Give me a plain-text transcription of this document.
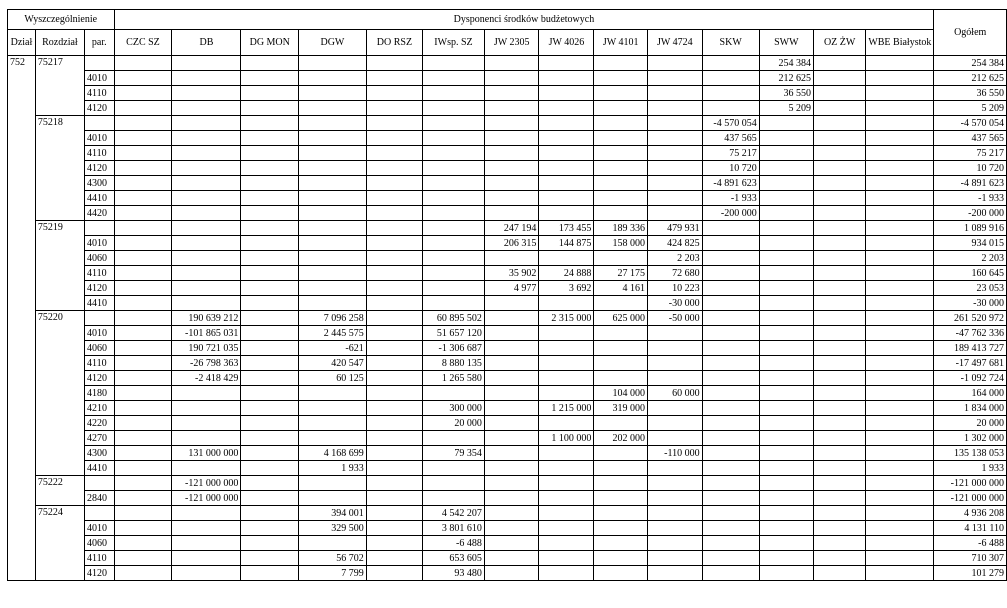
Wyszczególnienie			Dysponenci środków budżetowych														Ogółem
Dział	Rozdział	par.	CZC SZ	DB	DG MON	DGW	DO RSZ	IWsp. SZ	JW 2305	JW 4026	JW 4101	JW 4724	SKW	SWW	OZ ŻW	WBE Białystok	
752	75217													254 384			254 384
		4010												212 625			212 625
		4110												36 550			36 550
		4120												5 209			5 209
	75218												-4 570 054				-4 570 054
		4010											437 565				437 565
		4110											75 217				75 217
		4120											10 720				10 720
		4300											-4 891 623				-4 891 623
		4410											-1 933				-1 933
		4420											-200 000				-200 000
	75219								247 194	173 455	189 336	479 931					1 089 916
		4010							206 315	144 875	158 000	424 825					934 015
		4060										2 203					2 203
		4110							35 902	24 888	27 175	72 680					160 645
		4120							4 977	3 692	4 161	10 223					23 053
		4410										-30 000					-30 000
	75220			190 639 212		7 096 258		60 895 502		2 315 000	625 000	-50 000					261 520 972
		4010		-101 865 031		2 445 575		51 657 120									-47 762 336
		4060		190 721 035		-621		-1 306 687									189 413 727
		4110		-26 798 363		420 547		8 880 135									-17 497 681
		4120		-2 418 429		60 125		1 265 580									-1 092 724
		4180									104 000	60 000					164 000
		4210						300 000		1 215 000	319 000						1 834 000
		4220						20 000									20 000
		4270								1 100 000	202 000						1 302 000
		4300		131 000 000		4 168 699		79 354				-110 000					135 138 053
		4410				1 933											1 933
	75222			-121 000 000													-121 000 000
		2840		-121 000 000													-121 000 000
	75224					394 001		4 542 207									4 936 208
		4010				329 500		3 801 610									4 131 110
		4060						-6 488									-6 488
		4110				56 702		653 605									710 307
		4120				7 799		93 480									101 279
